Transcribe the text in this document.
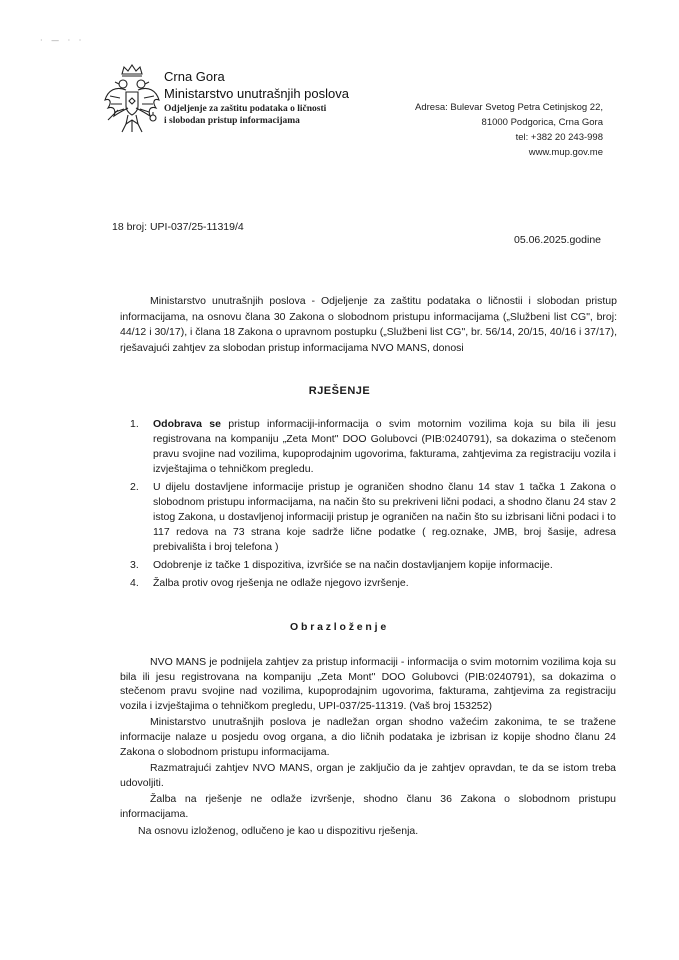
· — · ·
Crna Gora
Ministarstvo unutrašnjih poslova
Odjeljenje za zaštitu podataka o ličnosti
i slobodan pristup informacijama
Adresa: Bulevar Svetog Petra Cetinjskog 22,
81000 Podgorica, Crna Gora
tel: +382 20 243-998
www.mup.gov.me
18 broj: UPI-037/25-11319/4
05.06.2025.godine

Ministarstvo unutrašnjih poslova - Odjeljenje za zaštitu podataka o ličnostii i slobodan pristup informacijama, na osnovu člana 30 Zakona o slobodnom pristupu informacijama („Službeni list CG", broj: 44/12 i 30/17), i člana 18 Zakona o upravnom postupku („Službeni list CG", br. 56/14, 20/15, 40/16 i 37/17), rješavajući zahtjev za slobodan pristup informacijama NVO MANS, donosi

RJEŠENJE
1. Odobrava se pristup informaciji-informacija o svim motornim vozilima koja su bila ili jesu registrovana na kompaniju „Zeta Mont" DOO Golubovci (PIB:0240791), sa dokazima o stečenom pravu svojine nad vozilima, kupoprodajnim ugovorima, fakturama, zahtjevima za registraciju vozila i izvještajima o tehničkom pregledu.
2. U dijelu dostavljene informacije pristup je ograničen shodno članu 14 stav 1 tačka 1 Zakona o slobodnom pristupu informacijama, na način što su prekriveni lični podaci, a shodno članu 24 stav 2 istog Zakona, u dostavljenoj informaciji pristup je ograničen na način što su izbrisani lični podaci i to 117 redova na 73 strana koje sadrže lične podatke ( reg.oznake, JMB, broj šasije, adresa prebivališta i broj telefona )
3. Odobrenje iz tačke 1 dispozitiva, izvršiće se na način dostavljanjem kopije informacije.
4. Žalba protiv ovog rješenja ne odlaže njegovo izvršenje.
Obrazloženje

NVO MANS je podnijela zahtjev za pristup informaciji - informacija o svim motornim vozilima koja su bila ili jesu registrovana na kompaniju „Zeta Mont" DOO Golubovci (PIB:0240791), sa dokazima o stečenom pravu svojine nad vozilima, kupoprodajnim ugovorima, fakturama, zahtjevima za registraciju vozila i izvještajima o tehničkom pregledu, UPI-037/25-11319. (Vaš broj 153252)

Ministarstvo unutrašnjih poslova je nadležan organ shodno važećim zakonima, te se tražene informacije nalaze u posjedu ovog organa, a dio ličnih podataka je izbrisan iz kopije shodno članu 24 Zakona o slobodnom pristupu informacijama.

Razmatrajući zahtjev NVO MANS, organ je zaključio da je zahtjev opravdan, te da se istom treba udovoljiti.

Žalba na rješenje ne odlaže izvršenje, shodno članu 36 Zakona o slobodnom pristupu informacijama.

Na osnovu izloženog, odlučeno je kao u dispozitivu rješenja.
